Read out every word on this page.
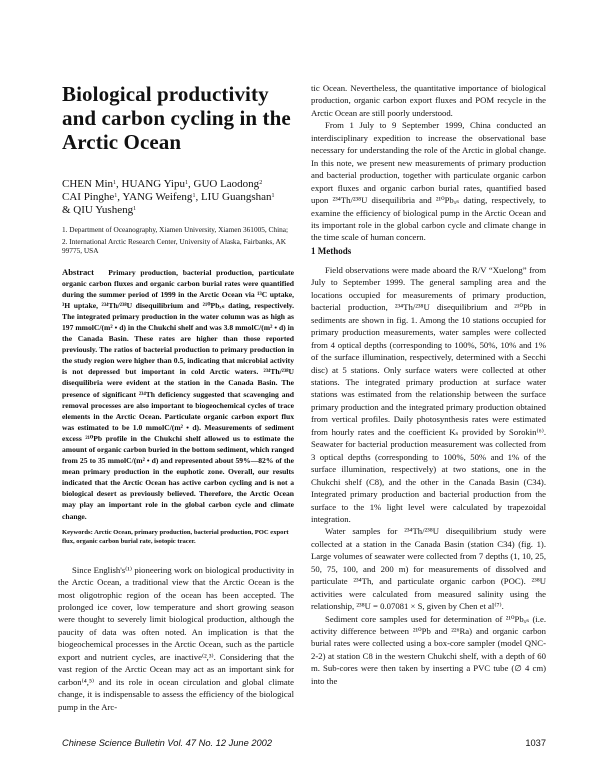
Biological productivity and carbon cycling in the Arctic Ocean
CHEN Min$^1$, HUANG Yipu$^1$, GUO Laodong$^2$
CAI Pinghe$^1$, YANG Weifeng$^1$, LIU Guangshan$^1$
& QIU Yusheng$^1$

1. Department of Oceanography, Xiamen University, Xiamen 361005, China;

2. International Arctic Research Center, University of Alaska, Fairbanks, AK 99775, USA

Abstract Primary production, bacterial production, particulate organic carbon fluxes and organic carbon burial rates were quantified during the summer period of 1999 in the Arctic Ocean via ¹³C uptake, ³H uptake, ²³⁴Th/²³⁸U disequilibrium and ²¹⁰Pbₓₛ dating, respectively. The integrated primary production in the water column was as high as 197 mmolC/(m² • d) in the Chukchi shelf and was 3.8 mmolC/(m² • d) in the Canada Basin. These rates are higher than those reported previously. The ratios of bacterial production to primary production in the study region were higher than 0.5, indicating that microbial activity is not depressed but important in cold Arctic waters. ²³⁴Th/²³⁸U disequilibria were evident at the station in the Canada Basin. The presence of significant ²³⁴Th deficiency suggested that scavenging and removal processes are also important to biogeochemical cycles of trace elements in the Arctic Ocean. Particulate organic carbon export flux was estimated to be 1.0 mmolC/(m² • d). Measurements of sediment excess ²¹⁰Pb profile in the Chukchi shelf allowed us to estimate the amount of organic carbon buried in the bottom sediment, which ranged from 25 to 35 mmolC/(m² • d) and represented about 59%—82% of the mean primary production in the euphotic zone. Overall, our results indicated that the Arctic Ocean has active carbon cycling and is not a biological desert as previously believed. Therefore, the Arctic Ocean may play an important role in the global carbon cycle and climate change.

Keywords: Arctic Ocean, primary production, bacterial production, POC export flux, organic carbon burial rate, isotopic tracer.

Since English's⁽¹⁾ pioneering work on biological productivity in the Arctic Ocean, a traditional view that the Arctic Ocean is the most oligotrophic region of the ocean has been accepted. The prolonged ice cover, low temperature and short growing season were thought to severely limit biological production, although the paucity of data was often noted. An implication is that the biogeochemical processes in the Arctic Ocean, such as the particle export and nutrient cycles, are inactive⁽²,³⁾. Considering that the vast region of the Arctic Ocean may act as an important sink for carbon⁽⁴,⁵⁾ and its role in ocean circulation and global climate change, it is indispensable to assess the efficiency of the biological pump in the Arc-

tic Ocean. Nevertheless, the quantitative importance of biological production, organic carbon export fluxes and POM recycle in the Arctic Ocean are still poorly understood.

From 1 July to 9 September 1999, China conducted an interdisciplinary expedition to increase the observational base necessary for understanding the role of the Arctic in global change. In this note, we present new measurements of primary production and bacterial production, together with particulate organic carbon export fluxes and organic carbon burial rates, quantified based upon ²³⁴Th/²³⁸U disequilibria and ²¹⁰Pbₓₛ dating, respectively, to examine the efficiency of biological pump in the Arctic Ocean and its important role in the global carbon cycle and climate change in the time scale of human concern.

1 Methods

Field observations were made aboard the R/V “Xuelong” from July to September 1999. The general sampling area and the locations occupied for measurements of primary production, bacterial production, ²³⁴Th/²³⁸U disequilibrium and ²¹⁰Pb in sediments are shown in fig. 1. Among the 10 stations occupied for primary production measurements, water samples were collected from 4 optical depths (corresponding to 100%, 50%, 10% and 1% of the surface illumination, respectively, determined with a Secchi disc) at 5 stations. Only surface waters were collected at other stations. The integrated primary production at surface water stations was estimated from the relationship between the surface primary production and the integrated primary production obtained from vertical profiles. Daily photosynthesis rates were estimated from hourly rates and the coefficient Kₛ provided by Sorokin⁽⁶⁾. Seawater for bacterial production measurement was collected from 3 optical depths (corresponding to 100%, 50% and 1% of the surface illumination, respectively) at two stations, one in the Chukchi shelf (C8), and the other in the Canada Basin (C34). Integrated primary production and bacterial production from the surface to the 1% light level were calculated by trapezoidal integration.

Water samples for ²³⁴Th/²³⁸U disequilibrium study were collected at a station in the Canada Basin (station C34) (fig. 1). Large volumes of seawater were collected from 7 depths (1, 10, 25, 50, 75, 100, and 200 m) for measurements of dissolved and particulate ²³⁴Th, and particulate organic carbon (POC). ²³⁸U activities were calculated from measured salinity using the relationship, ²³⁸U = 0.07081 × S, given by Chen et al⁽⁷⁾.

Sediment core samples used for determination of ²¹⁰Pbₓₛ (i.e. activity difference between ²¹⁰Pb and ²²⁶Ra) and organic carbon burial rates were collected using a box-core sampler (model QNC-2-2) at station C8 in the western Chukchi shelf, with a depth of 60 m. Sub-cores were then taken by inserting a PVC tube (∅ 4 cm) into the

Chinese Science Bulletin Vol. 47 No. 12 June 2002	1037
